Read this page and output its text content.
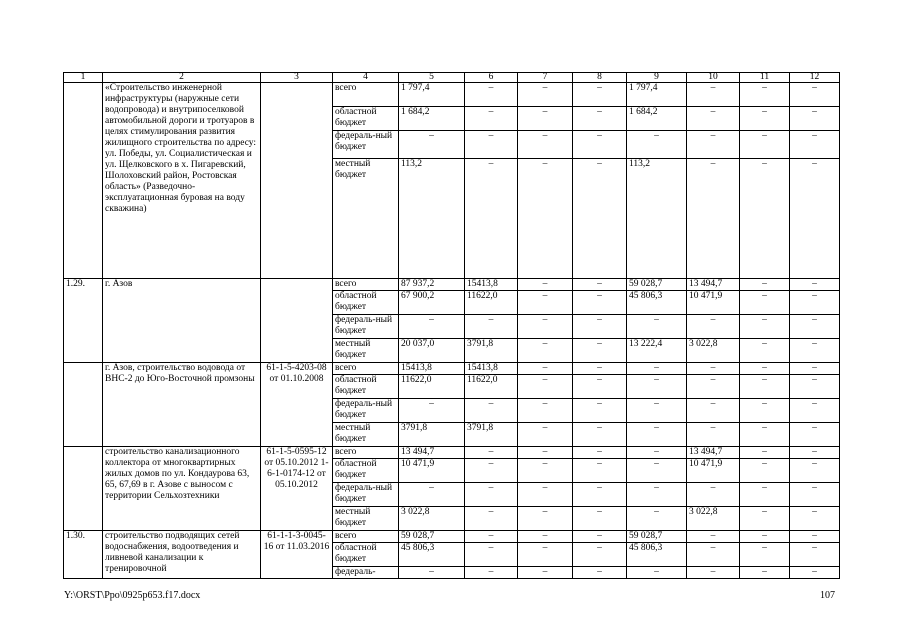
1	2	3	4	5	6	7	8	9	10	11	12
	«Строительство инженерной инфраструктуры (наружные сети водопровода) и внутрипоселковой автомобильной дороги и тротуаров в целях стимулирования развития жилищного строительства по адресу: ул. Победы, ул. Социалистическая и ул. Щелковского в х. Пигаревский, Шолоховский район, Ростовская область» (Разведочно-эксплуатационная буровая на воду скважина)		всего	1 797,4	–	–	–	1 797,4	–	–	–
			областной бюджет	1 684,2	–	–	–	1 684,2	–	–	–
			федераль-ный бюджет	–	–	–	–	–	–	–	–
			местный бюджет	113,2	–	–	–	113,2	–	–	–
1.29.	г. Азов		всего	87 937,2	15413,8	–	–	59 028,7	13 494,7	–	–
			областной бюджет	67 900,2	11622,0	–	–	45 806,3	10 471,9	–	–
			федераль-ный бюджет	–	–	–	–	–	–	–	–
			местный бюджет	20 037,0	3791,8	–	–	13 222,4	3 022,8	–	–
	г. Азов, строительство водовода от ВНС-2 до Юго-Восточной промзоны	61-1-5-4203-08 от 01.10.2008	всего	15413,8	15413,8	–	–	–	–	–	–
			областной бюджет	11622,0	11622,0	–	–	–	–	–	–
			федераль-ный бюджет	–	–	–	–	–	–	–	–
			местный бюджет	3791,8	3791,8	–	–	–	–	–	–
	строительство канализационного коллектора от многоквартирных жилых домов по ул. Кондаурова 63, 65, 67,69 в г. Азове с выносом с территории Сельхозтехники	61-1-5-0595-12 от 05.10.2012 1-6-1-0174-12 от 05.10.2012	всего	13 494,7	–	–	–	–	13 494,7	–	–
			областной бюджет	10 471,9	–	–	–	–	10 471,9	–	–
			федераль-ный бюджет	–	–	–	–	–	–	–	–
			местный бюджет	3 022,8	–	–	–	–	3 022,8	–	–
1.30.	строительство подводящих сетей водоснабжения, водоотведения и ливневой канализации к тренировочной	61-1-1-3-0045-16 от 11.03.2016	всего	59 028,7	–	–	–	59 028,7	–	–	–
			областной бюджет	45 806,3	–	–	–	45 806,3	–	–	–
			федераль-	–	–	–	–	–	–	–	–
Y:\ORST\Ppo\0925p653.f17.docx	107
